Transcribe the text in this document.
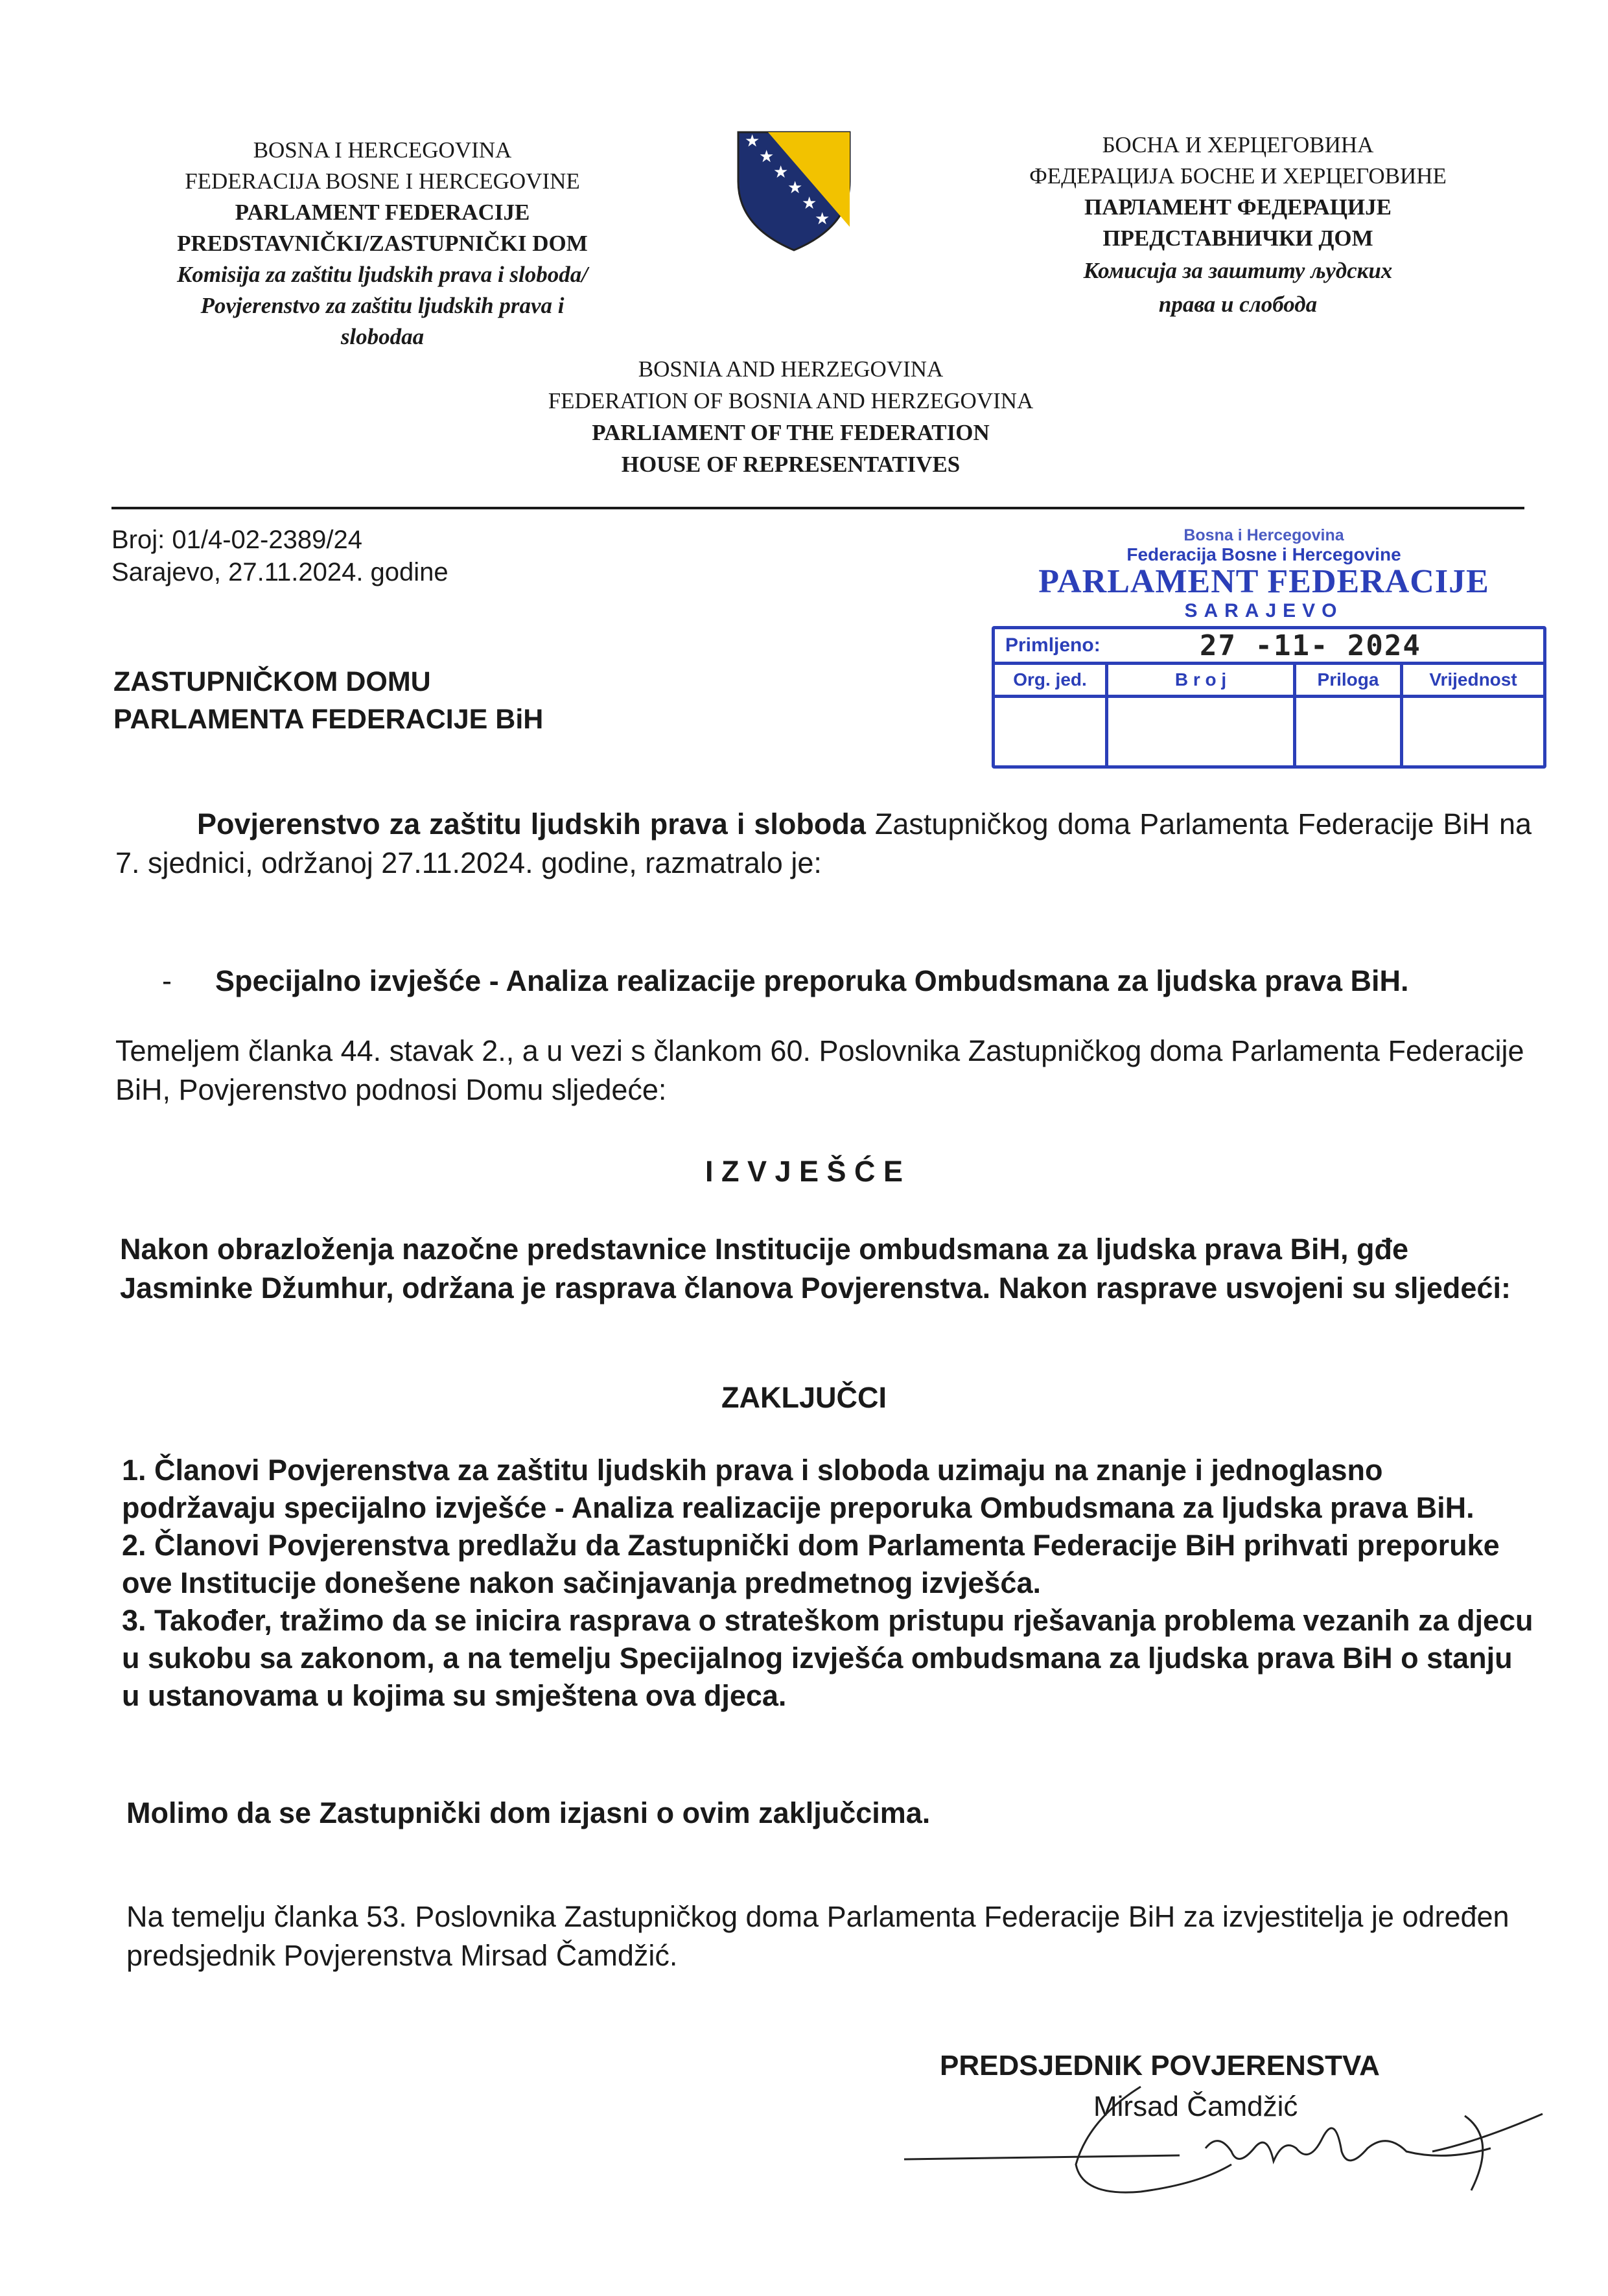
BOSNA I HERCEGOVINA
FEDERACIJA BOSNE I HERCEGOVINE
PARLAMENT FEDERACIJE
PREDSTAVNIČKI/ZASTUPNIČKI DOM
Komisija za zaštitu ljudskih prava i sloboda/
Povjerenstvo za zaštitu ljudskih prava i
slobodaa
★
★
★
★
★
★
БОСНА И ХЕРЦЕГОВИНА
ФЕДЕРАЦИЈА БОСНЕ И ХЕРЦЕГОВИНЕ
ПАРЛАМЕНТ ФЕДЕРАЦИЈЕ
ПРЕДСТАВНИЧКИ ДОМ
Комисија за заштиту људских
права и слобода
BOSNIA AND HERZEGOVINA
FEDERATION OF BOSNIA AND HERZEGOVINA
PARLIAMENT OF THE FEDERATION
HOUSE OF REPRESENTATIVES
Broj: 01/4-02-2389/24
Sarajevo, 27.11.2024. godine
ZASTUPNIČKOM DOMU
PARLAMENTA FEDERACIJE BiH
Bosna i Hercegovina
Federacija Bosne i Hercegovine
PARLAMENT FEDERACIJE
SARAJEVO
Primljeno:	27 -11- 2024
Org. jed.	B r o j	Priloga	Vrijednost
Povjerenstvo za zaštitu ljudskih prava i sloboda Zastupničkog doma Parlamenta Federacije BiH na 7. sjednici, održanoj 27.11.2024. godine, razmatralo je:
- Specijalno izvješće - Analiza realizacije preporuka Ombudsmana za ljudska prava BiH.
Temeljem članka 44. stavak 2., a u vezi s člankom 60. Poslovnika Zastupničkog doma Parlamenta Federacije BiH, Povjerenstvo podnosi Domu sljedeće:
I Z V J E Š Ć E
Nakon obrazloženja nazočne predstavnice Institucije ombudsmana za ljudska prava BiH, gđe Jasminke Džumhur, održana je rasprava članova Povjerenstva. Nakon rasprave usvojeni su sljedeći:
ZAKLJUČCI
1. Članovi Povjerenstva za zaštitu ljudskih prava i sloboda uzimaju na znanje i jednoglasno podržavaju specijalno izvješće - Analiza realizacije preporuka Ombudsmana za ljudska prava BiH.
2. Članovi Povjerenstva predlažu da Zastupnički dom Parlamenta Federacije BiH prihvati preporuke ove Institucije donešene nakon sačinjavanja predmetnog izvješća.
3. Također, tražimo da se inicira rasprava o strateškom pristupu rješavanja problema vezanih za djecu u sukobu sa zakonom, a na temelju Specijalnog izvješća ombudsmana za ljudska prava BiH o stanju u ustanovama u kojima su smještena ova djeca.
Molimo da se Zastupnički dom izjasni o ovim zaključcima.
Na temelju članka 53. Poslovnika Zastupničkog doma Parlamenta Federacije BiH za izvjestitelja je određen predsjednik Povjerenstva Mirsad Čamdžić.
PREDSJEDNIK POVJERENSTVA
Mirsad Čamdžić
